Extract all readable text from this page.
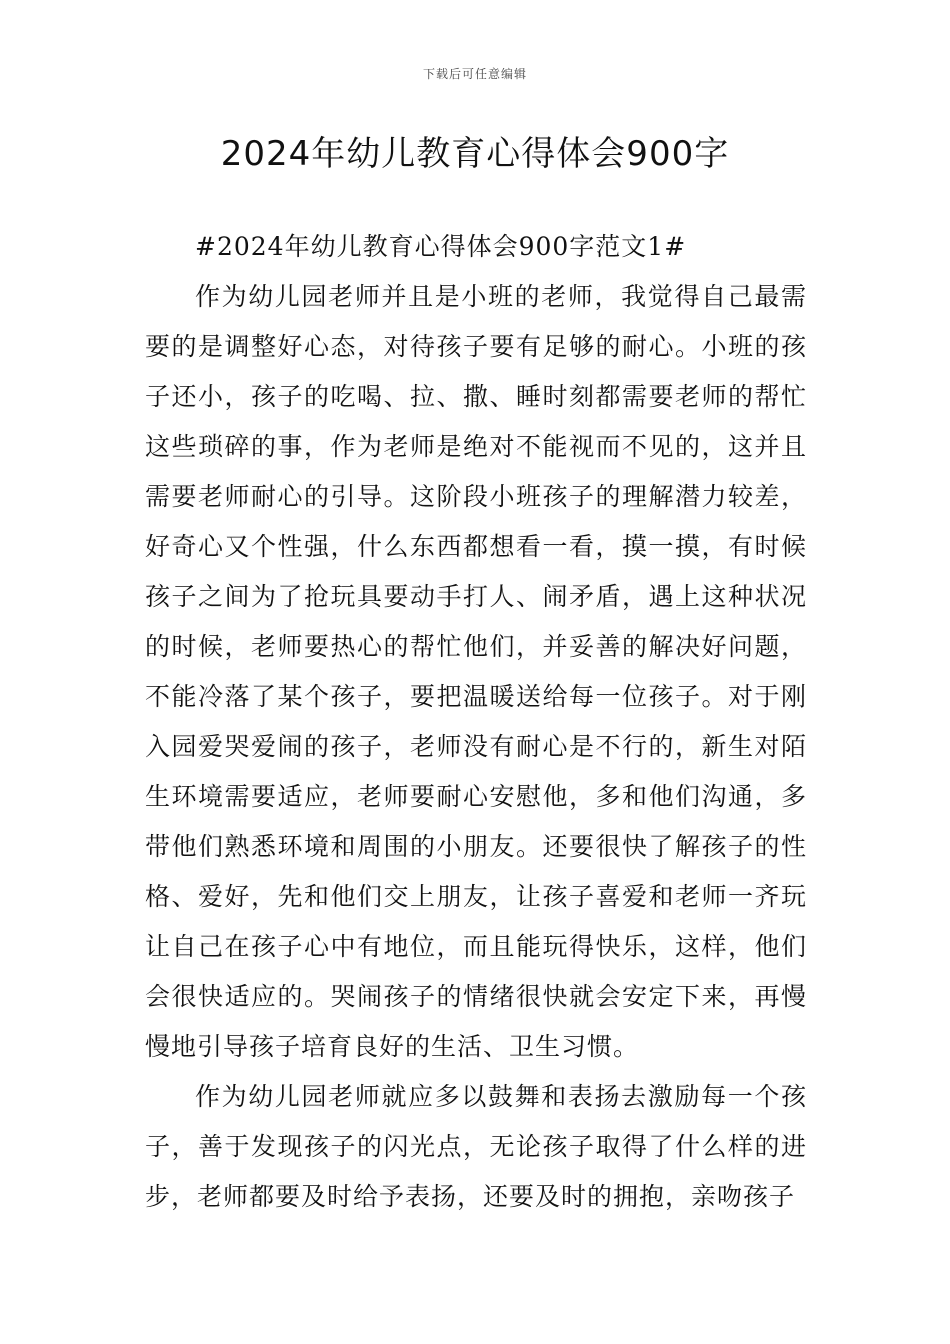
下载后可任意编辑
2024年幼儿教育心得体会900字

#2024年幼儿教育心得体会900字范文1#

作为幼儿园老师并且是小班的老师，我觉得自己最需要的是调整好心态，对待孩子要有足够的耐心。小班的孩子还小，孩子的吃喝、拉、撒、睡时刻都需要老师的帮忙这些琐碎的事，作为老师是绝对不能视而不见的，这并且需要老师耐心的引导。这阶段小班孩子的理解潜力较差，好奇心又个性强，什么东西都想看一看，摸一摸，有时候孩子之间为了抢玩具要动手打人、闹矛盾，遇上这种状况的时候，老师要热心的帮忙他们，并妥善的解决好问题，不能冷落了某个孩子，要把温暖送给每一位孩子。对于刚入园爱哭爱闹的孩子，老师没有耐心是不行的，新生对陌生环境需要适应，老师要耐心安慰他，多和他们沟通，多带他们熟悉环境和周围的小朋友。还要很快了解孩子的性格、爱好，先和他们交上朋友，让孩子喜爱和老师一齐玩让自己在孩子心中有地位，而且能玩得快乐，这样，他们会很快适应的。哭闹孩子的情绪很快就会安定下来，再慢慢地引导孩子培育良好的生活、卫生习惯。

作为幼儿园老师就应多以鼓舞和表扬去激励每一个孩子，善于发现孩子的闪光点，无论孩子取得了什么样的进步，老师都要及时给予表扬，还要及时的拥抱，亲吻孩子
